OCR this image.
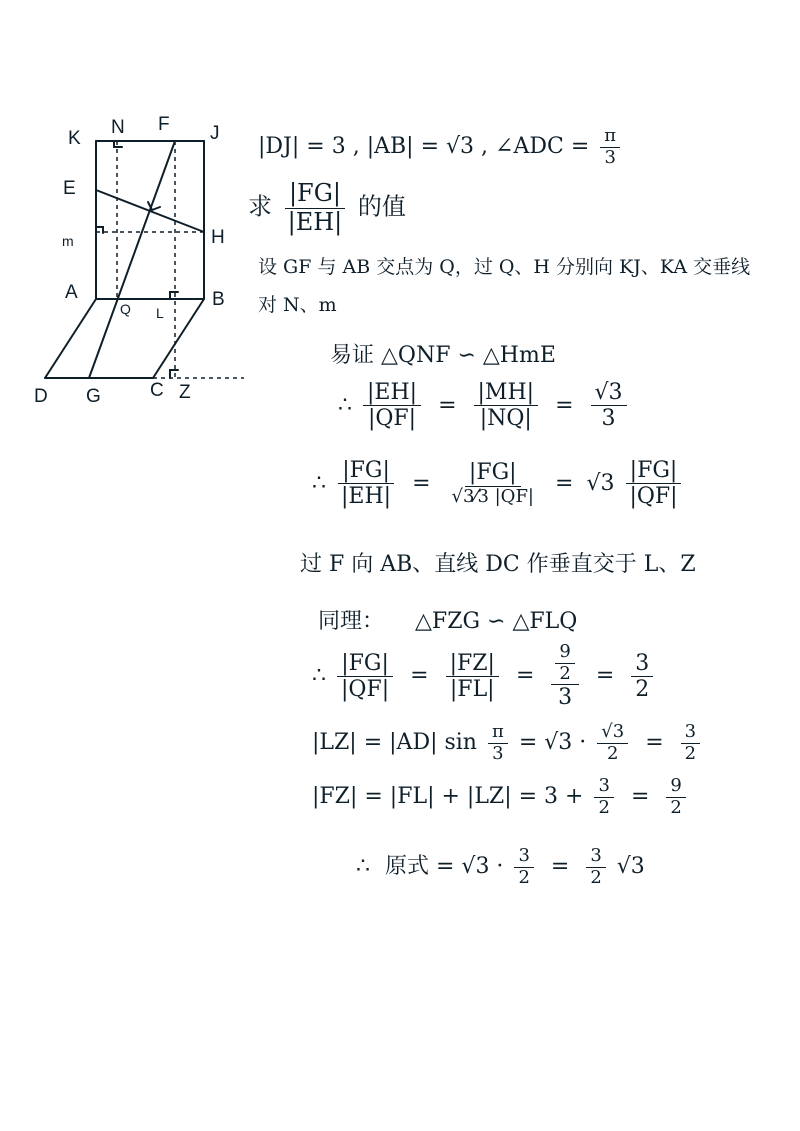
K
N F J
E
m	H
A	B
Q L
D G	C Z
|DJ| = 3 , |AB| = √3 , ∠ADC = $\frac{\pi}{3}$
求 $\frac{|FG|}{|EH|}$ 的值
设 GF 与 AB 交点为 Q，过 Q、H 分别向 KJ、KA 交垂线
对 N、m
易证 △QNF ∽ △HmE
∴ $\frac{|EH|}{|QF|} = \frac{|MH|}{|NQ|} = \frac{√3}{3}$
∴ $\frac{|FG|}{|EH|} = \frac{|FG|}{√3⁄3 |QF|} = √3 \frac{|FG|}{|QF|}$
过 F 向 AB、直线 DC 作垂直交于 L、Z
同理： △FZG ∽ △FLQ
∴ $\frac{|FG|}{|QF|} = \frac{|FZ|}{|FL|} = \frac{\frac{9}{2}}{3} = \frac{3}{2}$
|LZ| = |AD| $\sin \frac{\pi}{3} = √3 \cdot \frac{√3}{2} = \frac{3}{2}$
$|FZ| = |FL| + |LZ| = 3 + \frac{3}{2} = \frac{9}{2}$
∴ 原式 = $√3 \cdot \frac{3}{2} = \frac{3}{2} √3$
